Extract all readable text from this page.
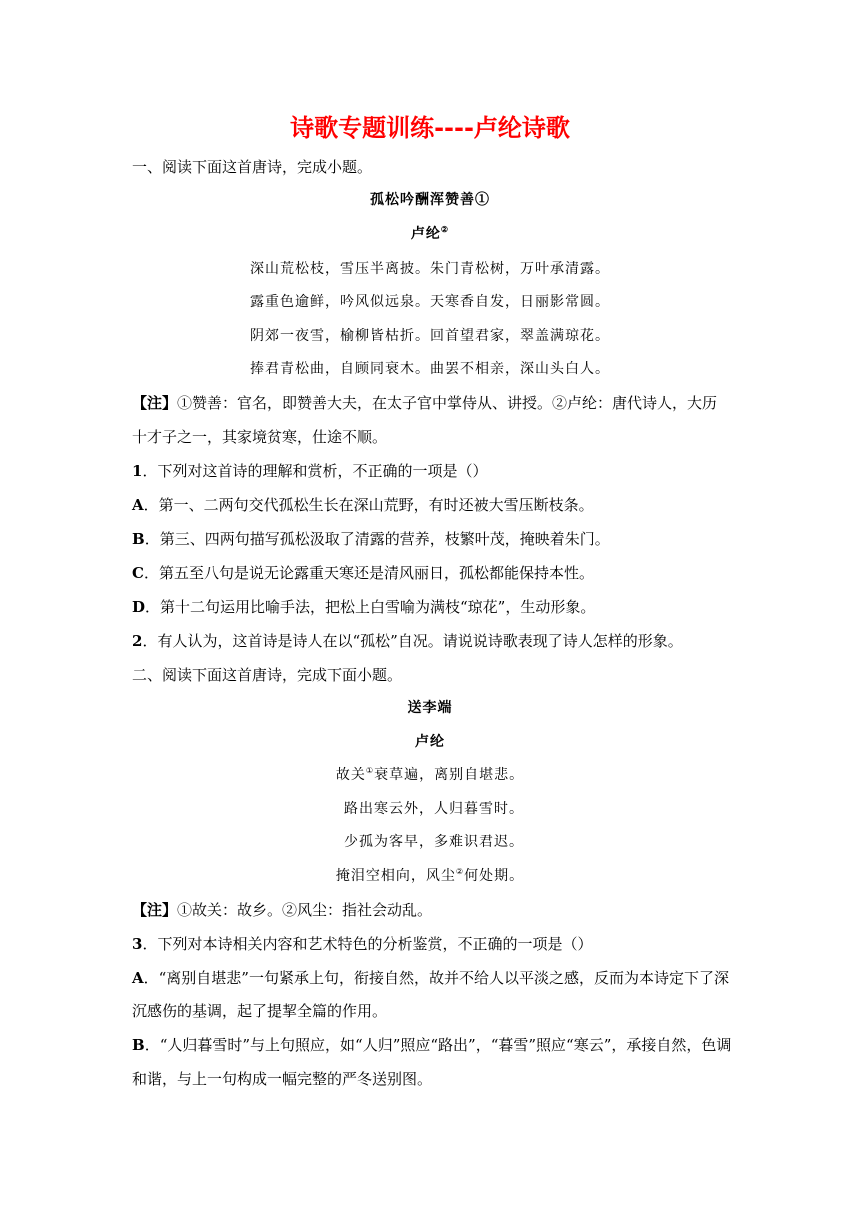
诗歌专题训练----卢纶诗歌
一、阅读下面这首唐诗，完成小题。
孤松吟酬浑赞善①
卢纶②
深山荒松枝，雪压半离披。朱门青松树，万叶承清露。
露重色逾鲜，吟风似远泉。天寒香自发，日丽影常圆。
阴郊一夜雪，榆柳皆枯折。回首望君家，翠盖满琼花。
捧君青松曲，自顾同衰木。曲罢不相亲，深山头白人。
【注】①赞善：官名，即赞善大夫，在太子官中掌侍从、讲授。②卢纶：唐代诗人，大历
十才子之一，其家境贫寒，仕途不顺。
1．下列对这首诗的理解和赏析，不正确的一项是（）
A．第一、二两句交代孤松生长在深山荒野，有时还被大雪压断枝条。
B．第三、四两句描写孤松汲取了清露的营养，枝繁叶茂，掩映着朱门。
C．第五至八句是说无论露重天寒还是清风丽日，孤松都能保持本性。
D．第十二句运用比喻手法，把松上白雪喻为满枝“琼花”，生动形象。
2．有人认为，这首诗是诗人在以“孤松”自况。请说说诗歌表现了诗人怎样的形象。
二、阅读下面这首唐诗，完成下面小题。
送李端
卢纶
故关①衰草遍，离别自堪悲。
路出寒云外，人归暮雪时。
少孤为客早，多难识君迟。
掩泪空相向，风尘②何处期。
【注】①故关：故乡。②风尘：指社会动乱。
3．下列对本诗相关内容和艺术特色的分析鉴赏，不正确的一项是（）
A．“离别自堪悲”一句紧承上句，衔接自然，故并不给人以平淡之感，反而为本诗定下了深
沉感伤的基调，起了提挈全篇的作用。
B．“人归暮雪时”与上句照应，如“人归”照应“路出”，“暮雪”照应“寒云”，承接自然，色调
和谐，与上一句构成一幅完整的严冬送别图。
